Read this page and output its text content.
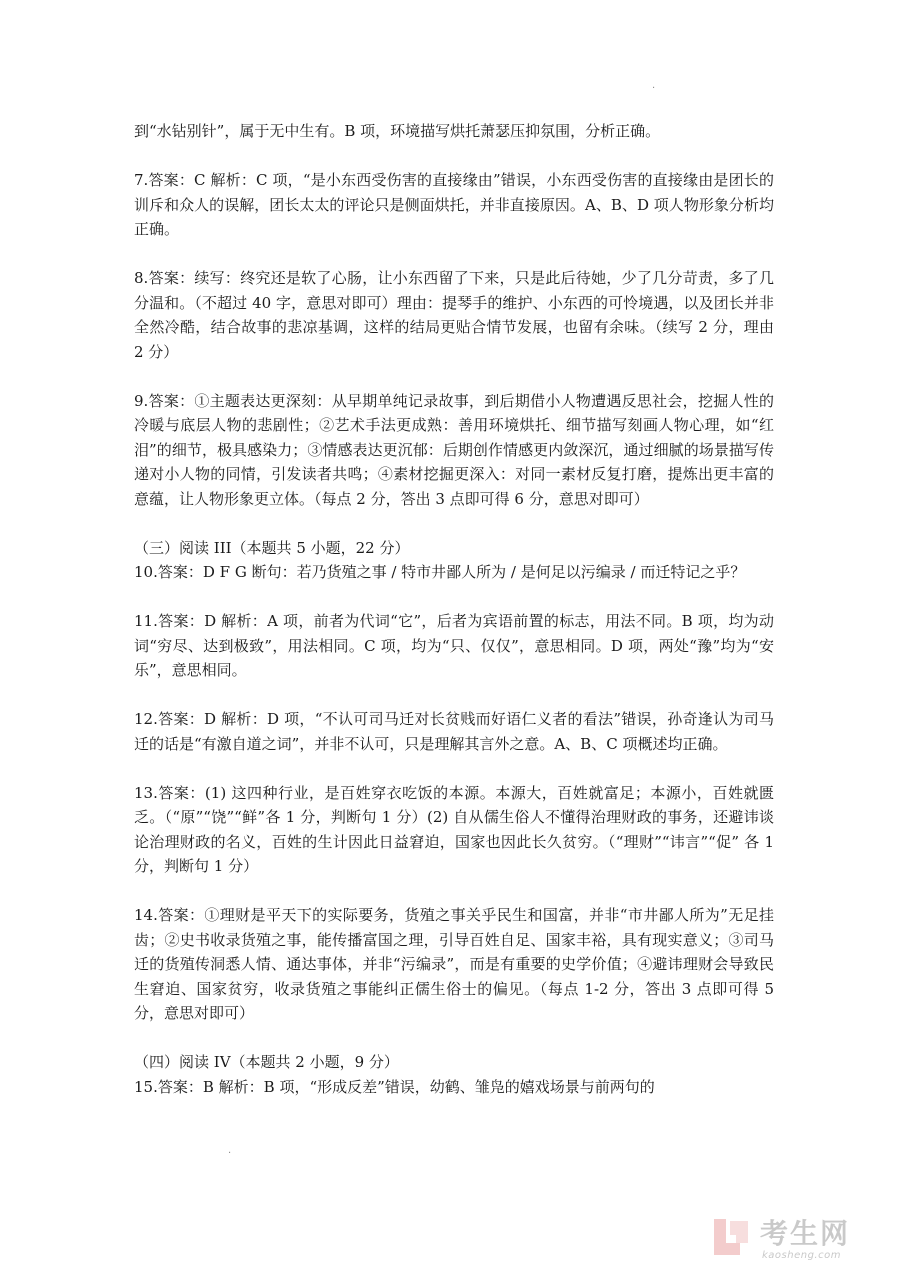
.

到“水钻别针”，属于无中生有。B 项，环境描写烘托萧瑟压抑氛围，分析正确。

7.答案：C 解析：C 项，“是小东西受伤害的直接缘由”错误，小东西受伤害的直接缘由是团长的训斥和众人的误解，团长太太的评论只是侧面烘托，并非直接原因。A、B、D 项人物形象分析均正确。

8.答案：续写：终究还是软了心肠，让小东西留了下来，只是此后待她，少了几分苛责，多了几分温和。（不超过 40 字，意思对即可）理由：提琴手的维护、小东西的可怜境遇，以及团长并非全然冷酷，结合故事的悲凉基调，这样的结局更贴合情节发展，也留有余味。（续写 2 分，理由 2 分）

9.答案：①主题表达更深刻：从早期单纯记录故事，到后期借小人物遭遇反思社会，挖掘人性的冷暖与底层人物的悲剧性；②艺术手法更成熟：善用环境烘托、细节描写刻画人物心理，如“红泪”的细节，极具感染力；③情感表达更沉郁：后期创作情感更内敛深沉，通过细腻的场景描写传递对小人物的同情，引发读者共鸣；④素材挖掘更深入：对同一素材反复打磨，提炼出更丰富的意蕴，让人物形象更立体。（每点 2 分，答出 3 点即可得 6 分，意思对即可）

（三）阅读 III（本题共 5 小题，22 分）

10.答案：D F G 断句：若乃货殖之事 / 特市井鄙人所为 / 是何足以污编录 / 而迁特记之乎？

11.答案：D 解析：A 项，前者为代词“它”，后者为宾语前置的标志，用法不同。B 项，均为动词“穷尽、达到极致”，用法相同。C 项，均为“只、仅仅”，意思相同。D 项，两处“豫”均为“安乐”，意思相同。

12.答案：D 解析：D 项，“不认可司马迁对长贫贱而好语仁义者的看法”错误，孙奇逢认为司马迁的话是“有激自道之词”，并非不认可，只是理解其言外之意。A、B、C 项概述均正确。

13.答案：(1) 这四种行业，是百姓穿衣吃饭的本源。本源大，百姓就富足；本源小，百姓就匮乏。（“原”“饶”“鲜”各 1 分，判断句 1 分）(2) 自从儒生俗人不懂得治理财政的事务，还避讳谈论治理财政的名义，百姓的生计因此日益窘迫，国家也因此长久贫穷。（“理财”“讳言”“促” 各 1 分，判断句 1 分）

14.答案：①理财是平天下的实际要务，货殖之事关乎民生和国富，并非“市井鄙人所为”无足挂齿；②史书收录货殖之事，能传播富国之理，引导百姓自足、国家丰裕，具有现实意义；③司马迁的货殖传洞悉人情、通达事体，并非“污编录”，而是有重要的史学价值；④避讳理财会导致民生窘迫、国家贫穷，收录货殖之事能纠正儒生俗士的偏见。（每点 1-2 分，答出 3 点即可得 5 分，意思对即可）

（四）阅读 IV（本题共 2 小题，9 分）

15.答案：B 解析：B 项，“形成反差”错误，幼鹤、雏凫的嬉戏场景与前两句的

.
考生网
kaosheng.com
